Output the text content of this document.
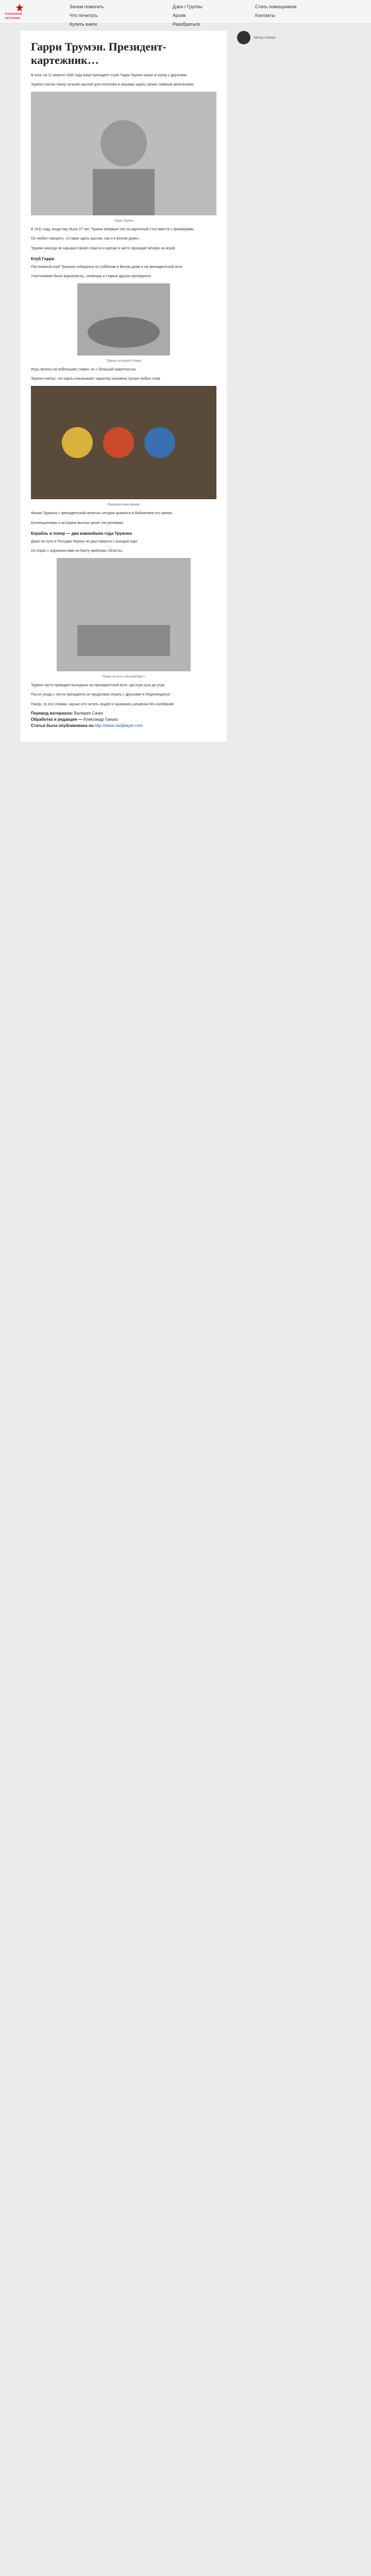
Ключевой источник
Зачем помогать	Дзен / Группы	Стать помощником
Что почитать	Архив	Контакты
Купить книги	Разобраться
Автор статьи
Гарри Трумэн. Президент-картежник…

В ночь на 12 апреля 1945 года вице-президент США Гарри Трумэн играл в покер с друзьями.

Трумэн считал покер лучшей школой для политика и называл карты своим главным увлечением.

Гарри Трумэн

В 1911 году, когда ему было 27 лет, Трумэн впервые сел за карточный стол вместе с фермерами.

Он любил говорить: «Ставки здесь высоки, как и в Белом доме».

Трумэн никогда не скрывал своей страсти к картам и часто проводил вечера за игрой.

Клуб Гарри

Постоянный клуб Трумэна собирался по субботам в Белом доме и на президентской яхте.

Участниками были журналисты, сенаторы и старые друзья президента.

Трумэн за игрой в покер

Игры велись на небольшие ставки, но с большой азартностью.

Трумэн считал, что карты показывают характер человека лучше любых слов.

Президентские фишки

Фишки Трумэна с президентской печатью сегодня хранятся в библиотеке его имени.

Коллекционеры и историки высоко ценят эти реликвии.

Корабль и покер — два важнейших года Трумэна

Даже на пути в Потсдам Трумэн не расставался с колодой карт.

Он играл с журналистами на борту крейсера «Огаста».

Покер на яхте «Уильямсбург»

Трумэн часто проводил выходные на президентской яхте, где игра шла до утра.

После ухода с поста президента он продолжал играть с друзьями в Индепенденсе.

Покер, по его словам, научил его читать людей и принимать решения без колебаний.

Перевод материала: Валерия Сачко
Обработка и редакция — Александр Ганько
Статья была опубликована на http://www.cardplayer.com
